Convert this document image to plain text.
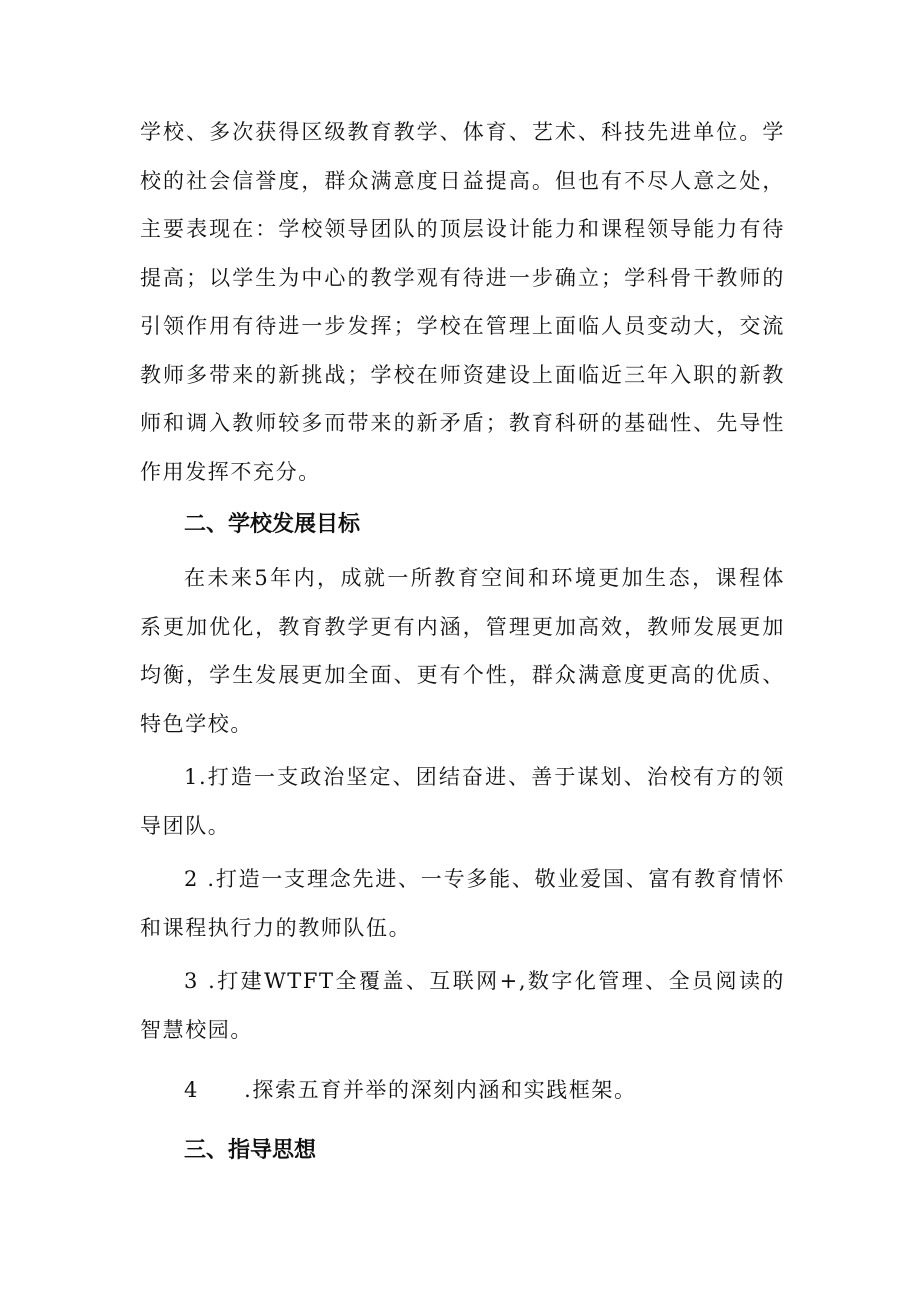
学校、多次获得区级教育教学、体育、艺术、科技先进单位。学校的社会信誉度，群众满意度日益提高。但也有不尽人意之处，主要表现在：学校领导团队的顶层设计能力和课程领导能力有待提高；以学生为中心的教学观有待进一步确立；学科骨干教师的引领作用有待进一步发挥；学校在管理上面临人员变动大，交流教师多带来的新挑战；学校在师资建设上面临近三年入职的新教师和调入教师较多而带来的新矛盾；教育科研的基础性、先导性作用发挥不充分。

二、学校发展目标

在未来5年内，成就一所教育空间和环境更加生态，课程体系更加优化，教育教学更有内涵，管理更加高效，教师发展更加均衡，学生发展更加全面、更有个性，群众满意度更高的优质、特色学校。

1.打造一支政治坚定、团结奋进、善于谋划、治校有方的领导团队。

2 .打造一支理念先进、一专多能、敬业爱国、富有教育情怀和课程执行力的教师队伍。

3 .打建WTFT全覆盖、互联网+,数字化管理、全员阅读的智慧校园。

4　　.探索五育并举的深刻内涵和实践框架。

三、指导思想
